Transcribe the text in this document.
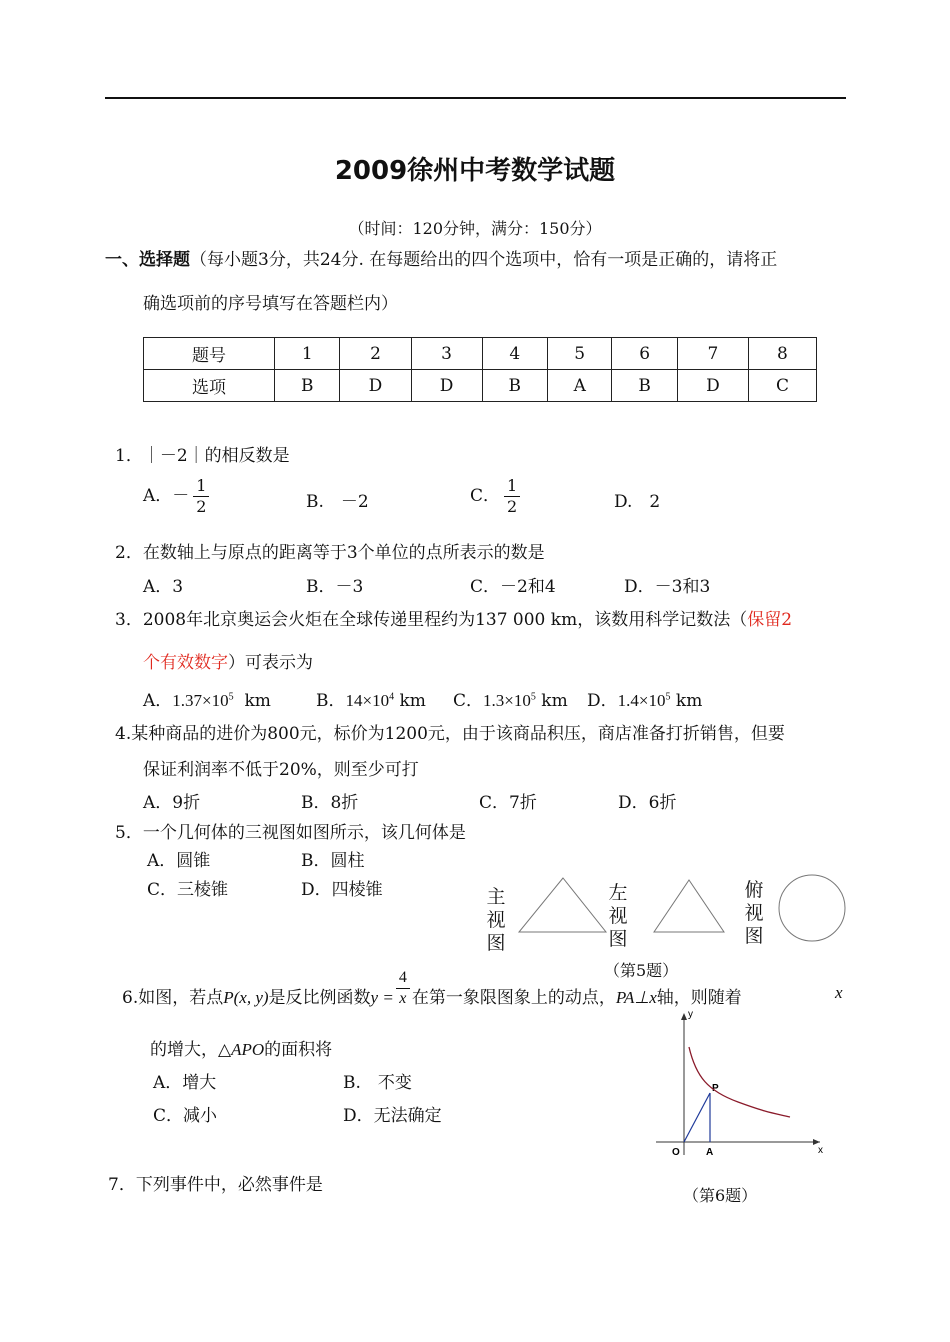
2009徐州中考数学试题
（时间：120分钟，满分：150分）
一、选择题（每小题3分，共24分. 在每题给出的四个选项中，恰有一项是正确的，请将正
确选项前的序号填写在答题栏内）
题号	1	2	3	4	5	6	7	8
选项	B	D	D	B	A	B	D	C
1．｜－2｜的相反数是
A．－ $\frac{1}{2}$	B.　－2	C． $\frac{1}{2}$	D.　2
2．在数轴上与原点的距离等于3个单位的点所表示的数是
A．3	B．－3	C．－2和4	D．－3和3
3．2008年北京奥运会火炬在全球传递里程约为137 000 km，该数用科学记数法（保留2
个有效数字）可表示为
A．$1.37\times 10^5$ km	B．$14\times 10^4$ km C．$1.3\times 10^5$ km D．$1.4\times 10^5$ km
4.某种商品的进价为800元，标价为1200元，由于该商品积压，商店准备打折销售，但要
保证利润率不低于20%，则至少可打
A．9折	B．8折	C．7折	D．6折
5．一个几何体的三视图如图所示，该几何体是
A．圆锥	B．圆柱
C．三棱锥	D．四棱锥	主视图
左视图
俯视图
（第5题）
6.如图，若点P(x, y)是反比例函数$y = \frac{4}{x}$ 在第一象限图象上的动点，PA⊥x轴，则随着	x
的增大，△APO的面积将
A．增大	B.　不变
C．减小	D．无法确定
y
x
O	A
P
（第6题）
7．下列事件中，必然事件是
